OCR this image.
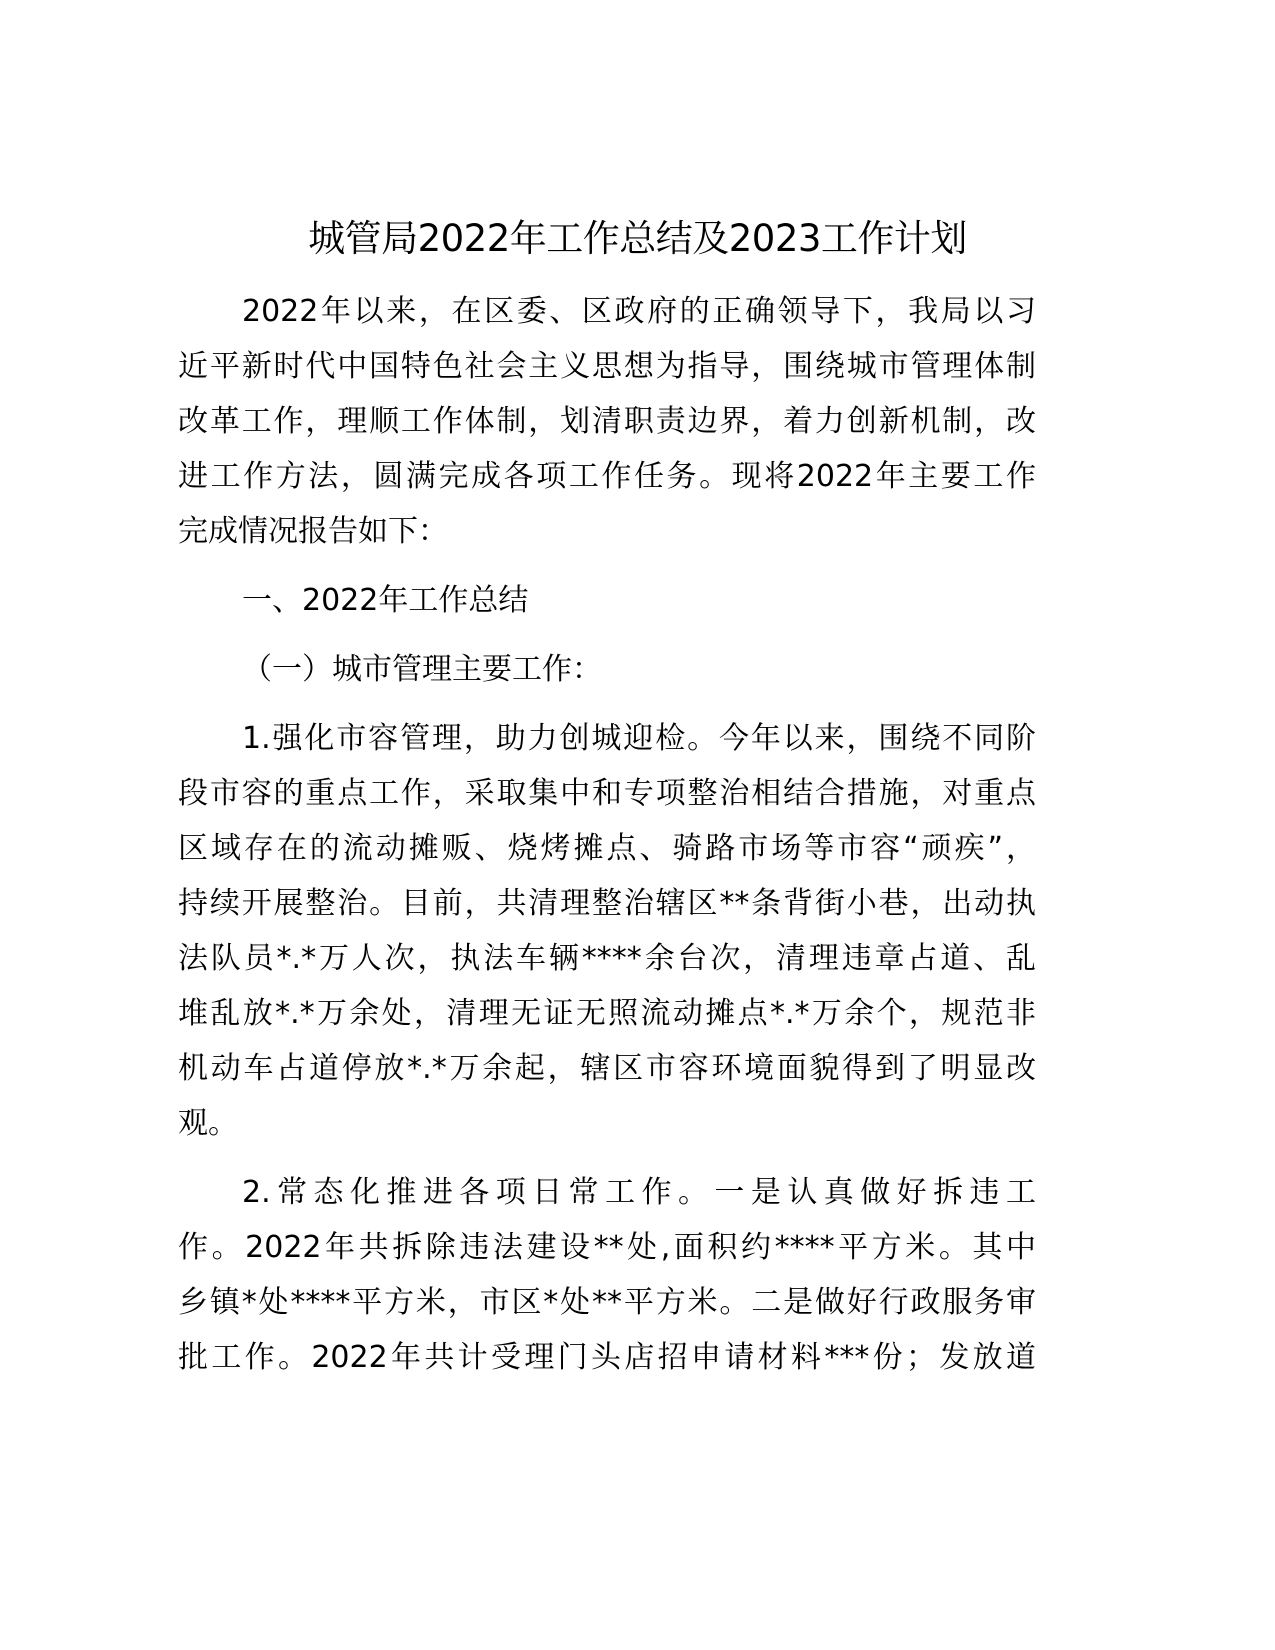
城管局2022年工作总结及2023工作计划
2022年以来，在区委、区政府的正确领导下，我局以习
近平新时代中国特色社会主义思想为指导，围绕城市管理体制
改革工作，理顺工作体制，划清职责边界，着力创新机制，改
进工作方法，圆满完成各项工作任务。现将2022年主要工作
完成情况报告如下：
一、2022年工作总结
（一）城市管理主要工作：
1.强化市容管理，助力创城迎检。今年以来，围绕不同阶
段市容的重点工作，采取集中和专项整治相结合措施，对重点
区域存在的流动摊贩、烧烤摊点、骑路市场等市容“顽疾”，
持续开展整治。目前，共清理整治辖区**条背街小巷，出动执
法队员*.*万人次，执法车辆****余台次，清理违章占道、乱
堆乱放*.*万余处，清理无证无照流动摊点*.*万余个，规范非
机动车占道停放*.*万余起，辖区市容环境面貌得到了明显改
观。
2.常态化推进各项日常工作。一是认真做好拆违工
作。2022年共拆除违法建设**处,面积约****平方米。其中
乡镇*处****平方米，市区*处**平方米。二是做好行政服务审
批工作。2022年共计受理门头店招申请材料***份；发放道
